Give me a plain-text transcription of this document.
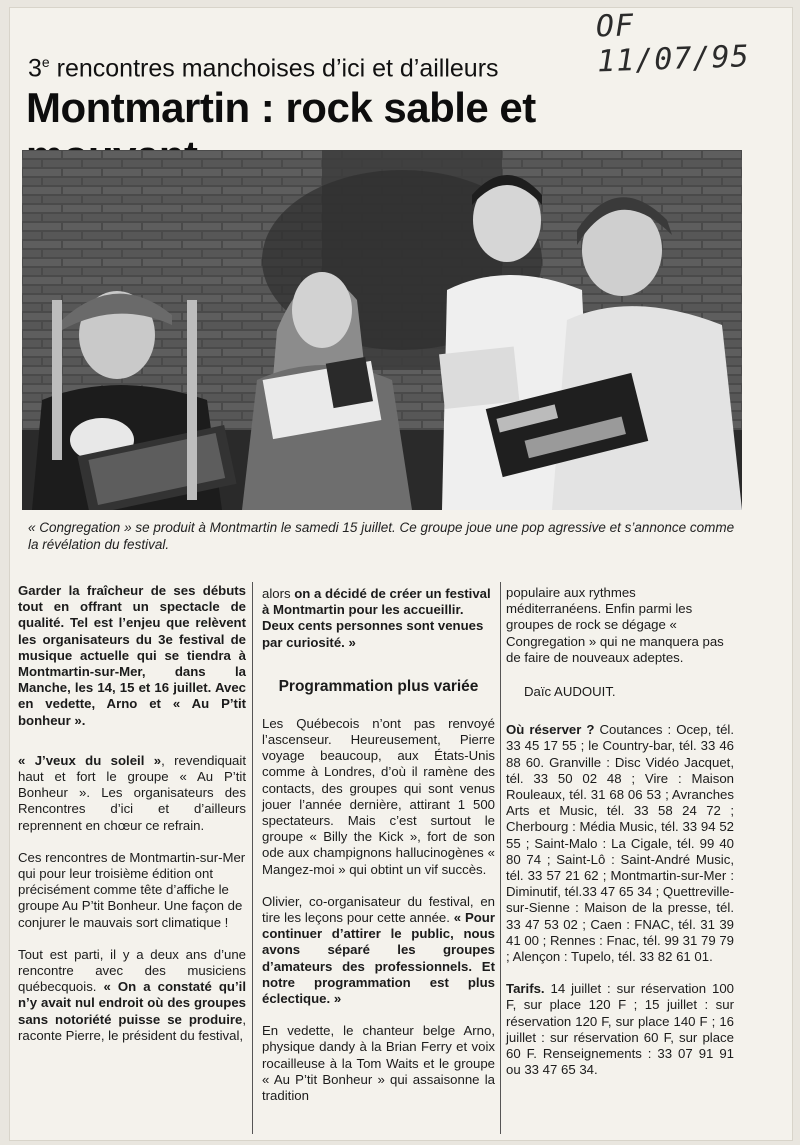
OF 11/07/95
3e rencontres manchoises d’ici et d’ailleurs
Montmartin : rock sable et
« Congregation » se produit à Montmartin le samedi 15 juillet. Ce groupe joue une pop agressive et s’annonce comme la révélation du festival.

Garder la fraîcheur de ses débuts tout en offrant un spectacle de qualité. Tel est l’enjeu que relèvent les organisateurs du 3e festival de musique actuelle qui se tiendra à Montmartin-sur-Mer, dans la Manche, les 14, 15 et 16 juillet. Avec en vedette, Arno et « Au P’tit bonheur ».

« J’veux du soleil », revendiquait haut et fort le groupe « Au P’tit Bonheur ». Les organisateurs des Rencontres d’ici et d’ailleurs reprennent en chœur ce refrain.

Ces rencontres de Montmartin-sur-Mer qui pour leur troisième édition ont précisément comme tête d’affiche le groupe Au P’tit Bonheur. Une façon de conjurer le mauvais sort climatique !

Tout est parti, il y a deux ans d’une rencontre avec des musiciens québecquois. « On a constaté qu’il n’y avait nul endroit où des groupes sans notoriété puisse se produire, raconte Pierre, le président du festival,

alors on a décidé de créer un festival à Montmartin pour les accueillir. Deux cents personnes sont venues par curiosité. »

Programmation plus variée

Les Québecois n’ont pas renvoyé l’ascenseur. Heureusement, Pierre voyage beaucoup, aux États-Unis comme à Londres, d’où il ramène des contacts, des groupes qui sont venus jouer l’année dernière, attirant 1 500 spectateurs. Mais c’est surtout le groupe « Billy the Kick », fort de son ode aux champignons hallucinogènes « Mangez-moi » qui obtint un vif succès.

Olivier, co-organisateur du festival, en tire les leçons pour cette année. « Pour continuer d’attirer le public, nous avons séparé les groupes d’amateurs des professionnels. Et notre programmation est plus éclectique. »

En vedette, le chanteur belge Arno, physique dandy à la Brian Ferry et voix rocailleuse à la Tom Waits et le groupe « Au P’tit Bonheur » qui assaisonne la tradition

populaire aux rythmes méditerranéens. Enfin parmi les groupes de rock se dégage « Congregation » qui ne manquera pas de faire de nouveaux adeptes.

Daïc AUDOUIT.

Où réserver ? Coutances : Ocep, tél. 33 45 17 55 ; le Country-bar, tél. 33 46 88 60. Granville : Disc Vidéo Jacquet, tél. 33 50 02 48 ; Vire : Maison Rouleaux, tél. 31 68 06 53 ; Avranches Arts et Music, tél. 33 58 24 72 ; Cherbourg : Média Music, tél. 33 94 52 55 ; Saint-Malo : La Cigale, tél. 99 40 80 74 ; Saint-Lô : Saint-André Music, tél. 33 57 21 62 ; Montmartin-sur-Mer : Diminutif, tél.33 47 65 34 ; Quettreville-sur-Sienne : Maison de la presse, tél. 33 47 53 02 ; Caen : FNAC, tél. 31 39 41 00 ; Rennes : Fnac, tél. 99 31 79 79 ; Alençon : Tupelo, tél. 33 82 61 01.

Tarifs. 14 juillet : sur réservation 100 F, sur place 120 F ; 15 juillet : sur réservation 120 F, sur place 140 F ; 16 juillet : sur réservation 60 F, sur place 60 F. Renseignements : 33 07 91 91 ou 33 47 65 34.
